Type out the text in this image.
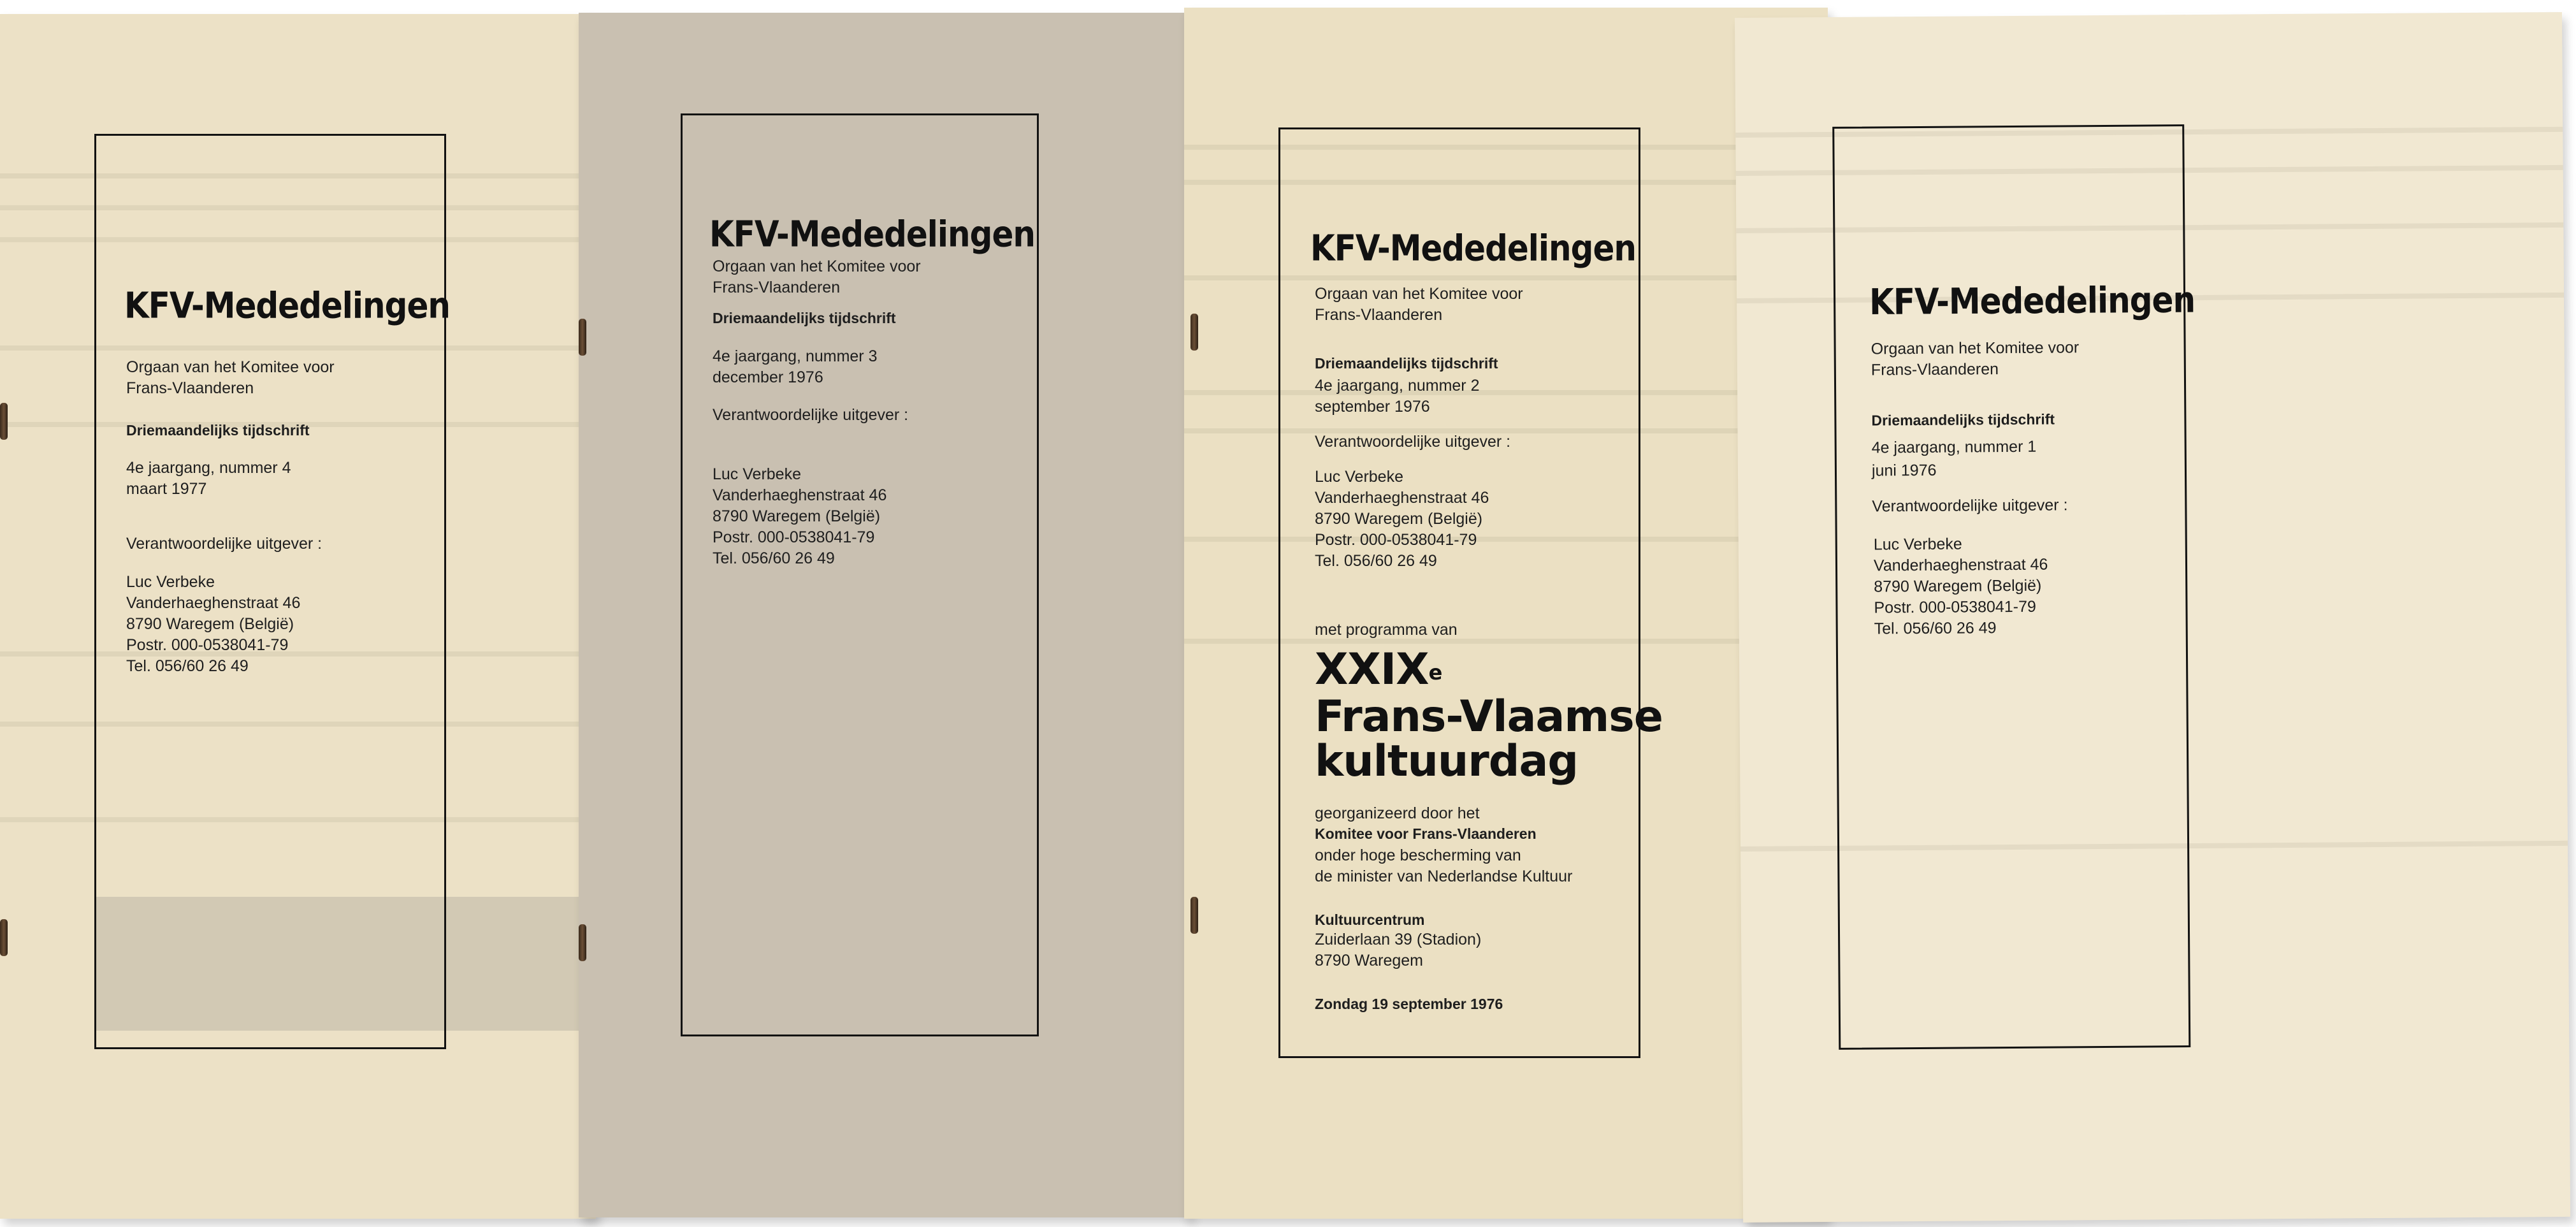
KFV-Mededelingen
Orgaan van het Komitee voor
Frans-Vlaanderen
Driemaandelijks tijdschrift
4e jaargang, nummer 4
maart 1977
Verantwoordelijke uitgever :
Luc Verbeke
Vanderhaeghenstraat 46
8790 Waregem (België)
Postr. 000-0538041-79
Tel. 056/60 26 49
KFV-Mededelingen
Orgaan van het Komitee voor
Frans-Vlaanderen
Driemaandelijks tijdschrift
4e jaargang, nummer 3
december 1976
Verantwoordelijke uitgever :
Luc Verbeke
Vanderhaeghenstraat 46
8790 Waregem (België)
Postr. 000-0538041-79
Tel. 056/60 26 49
KFV-Mededelingen
Orgaan van het Komitee voor
Frans-Vlaanderen
Driemaandelijks tijdschrift
4e jaargang, nummer 2
september 1976
Verantwoordelijke uitgever :
Luc Verbeke
Vanderhaeghenstraat 46
8790 Waregem (België)
Postr. 000-0538041-79
Tel. 056/60 26 49
met programma van
XXIXe
Frans-Vlaamse
kultuurdag
georganizeerd door het
Komitee voor Frans-Vlaanderen
onder hoge bescherming van
de minister van Nederlandse Kultuur
Kultuurcentrum
Zuiderlaan 39 (Stadion)
8790 Waregem
Zondag 19 september 1976
KFV-Mededelingen
Orgaan van het Komitee voor
Frans-Vlaanderen
Driemaandelijks tijdschrift
4e jaargang, nummer 1
juni 1976
Verantwoordelijke uitgever :
Luc Verbeke
Vanderhaeghenstraat 46
8790 Waregem (België)
Postr. 000-0538041-79
Tel. 056/60 26 49
